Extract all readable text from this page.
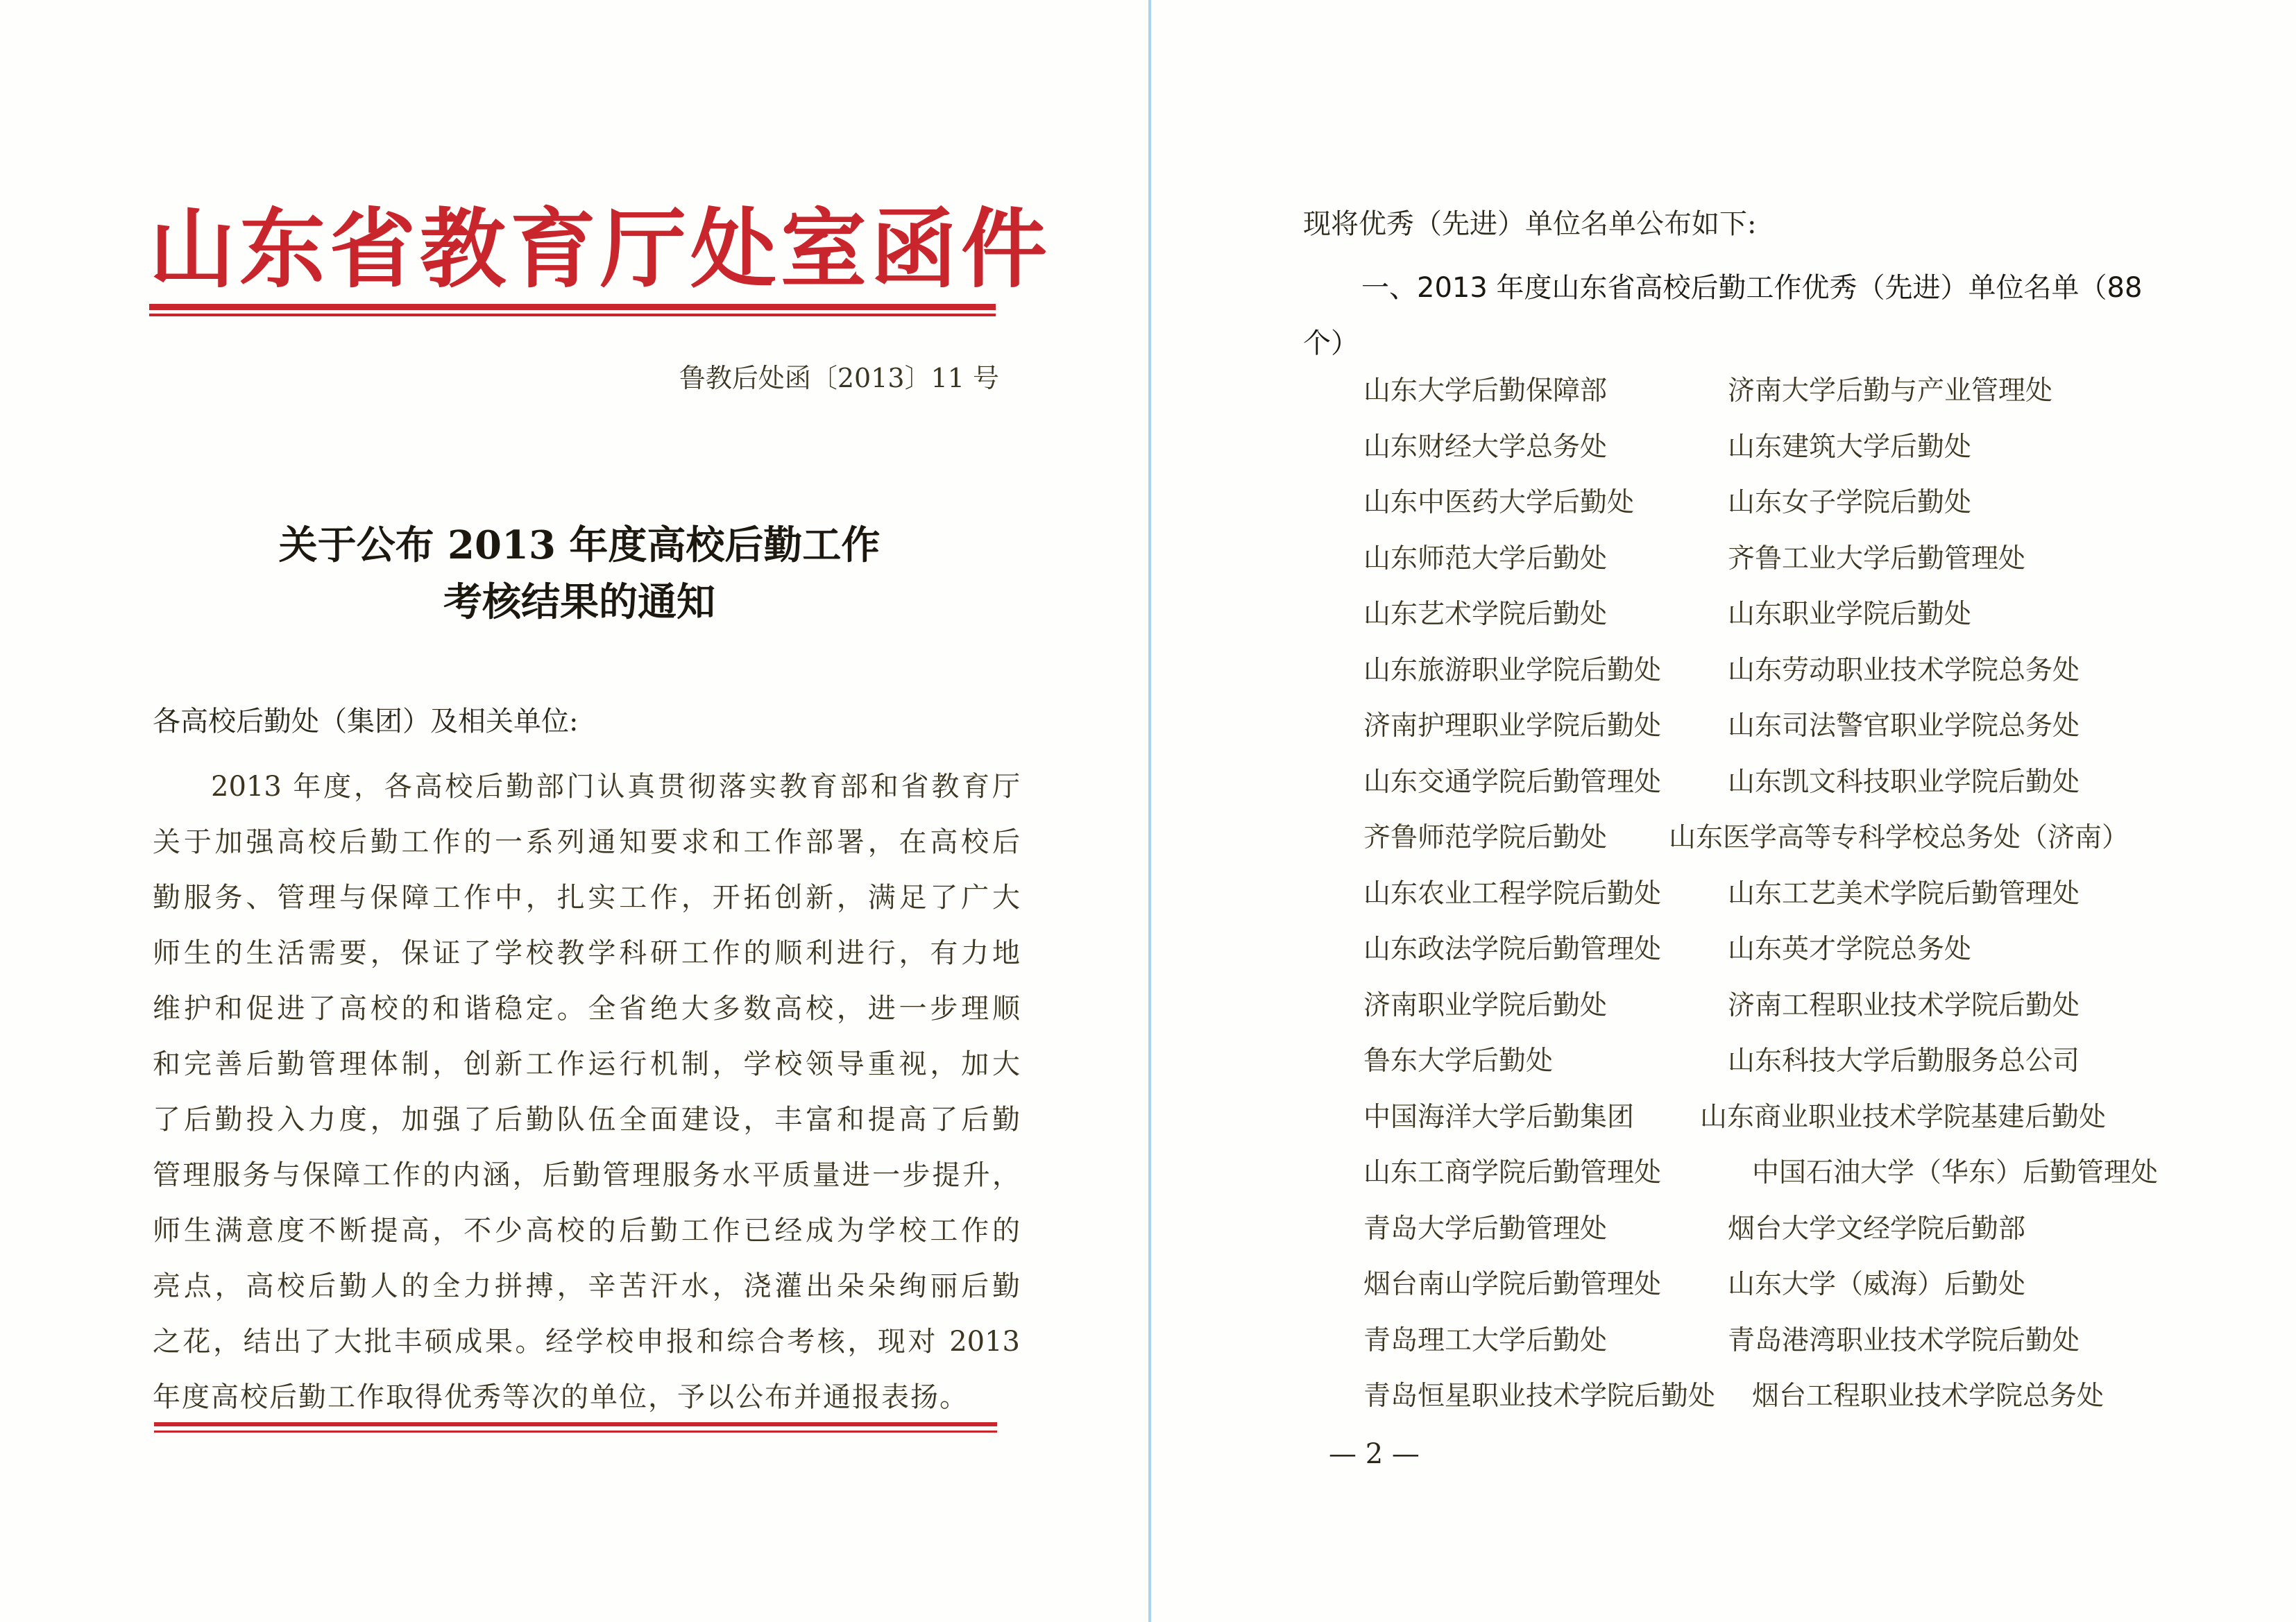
山东省教育厅处室函件
鲁教后处函〔2013〕11 号
关于公布 2013 年度高校后勤工作
考核结果的通知
各高校后勤处（集团）及相关单位:
2013 年度，各高校后勤部门认真贯彻落实教育部和省教育厅
关于加强高校后勤工作的一系列通知要求和工作部署，在高校后
勤服务、管理与保障工作中，扎实工作，开拓创新，满足了广大
师生的生活需要，保证了学校教学科研工作的顺利进行，有力地
维护和促进了高校的和谐稳定。全省绝大多数高校，进一步理顺
和完善后勤管理体制，创新工作运行机制，学校领导重视，加大
了后勤投入力度，加强了后勤队伍全面建设，丰富和提高了后勤
管理服务与保障工作的内涵，后勤管理服务水平质量进一步提升，
师生满意度不断提高，不少高校的后勤工作已经成为学校工作的
亮点，高校后勤人的全力拼搏，辛苦汗水，浇灌出朵朵绚丽后勤
之花，结出了大批丰硕成果。经学校申报和综合考核，现对 2013
年度高校后勤工作取得优秀等次的单位，予以公布并通报表扬。
现将优秀（先进）单位名单公布如下:
一、2013 年度山东省高校后勤工作优秀（先进）单位名单（88 个）
山东大学后勤保障部	济南大学后勤与产业管理处
山东财经大学总务处	山东建筑大学后勤处
山东中医药大学后勤处	山东女子学院后勤处
山东师范大学后勤处	齐鲁工业大学后勤管理处
山东艺术学院后勤处	山东职业学院后勤处
山东旅游职业学院后勤处 山东劳动职业技术学院总务处
济南护理职业学院后勤处 山东司法警官职业学院总务处
山东交通学院后勤管理处 山东凯文科技职业学院后勤处
齐鲁师范学院后勤处 山东医学高等专科学校总务处（济南）
山东农业工程学院后勤处 山东工艺美术学院后勤管理处
山东政法学院后勤管理处 山东英才学院总务处
济南职业学院后勤处	济南工程职业技术学院后勤处
鲁东大学后勤处	山东科技大学后勤服务总公司
中国海洋大学后勤集团 山东商业职业技术学院基建后勤处
山东工商学院后勤管理处	中国石油大学（华东）后勤管理处
青岛大学后勤管理处	烟台大学文经学院后勤部
烟台南山学院后勤管理处 山东大学（威海）后勤处
青岛理工大学后勤处	青岛港湾职业技术学院后勤处
青岛恒星职业技术学院后勤处 烟台工程职业技术学院总务处
— 2 —
